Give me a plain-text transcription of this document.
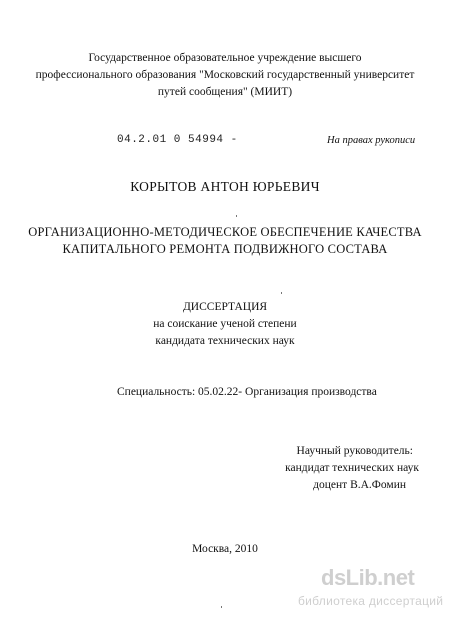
Государственное образовательное учреждение высшего
профессионального образования "Московский государственный университет
путей сообщения" (МИИТ)
04.2.01 0 54994 -	На правах рукописи
КОРЫТОВ АНТОН ЮРЬЕВИЧ
ОРГАНИЗАЦИОННО-МЕТОДИЧЕСКОЕ ОБЕСПЕЧЕНИЕ КАЧЕСТВА
КАПИТАЛЬНОГО РЕМОНТА ПОДВИЖНОГО СОСТАВА
ДИССЕРТАЦИЯ
на соискание ученой степени
кандидата технических наук
Специальность: 05.02.22- Организация производства
Научный руководитель:
кандидат технических наук
доцент В.А.Фомин
Москва, 2010
dsLib.net
библиотека диссертаций
